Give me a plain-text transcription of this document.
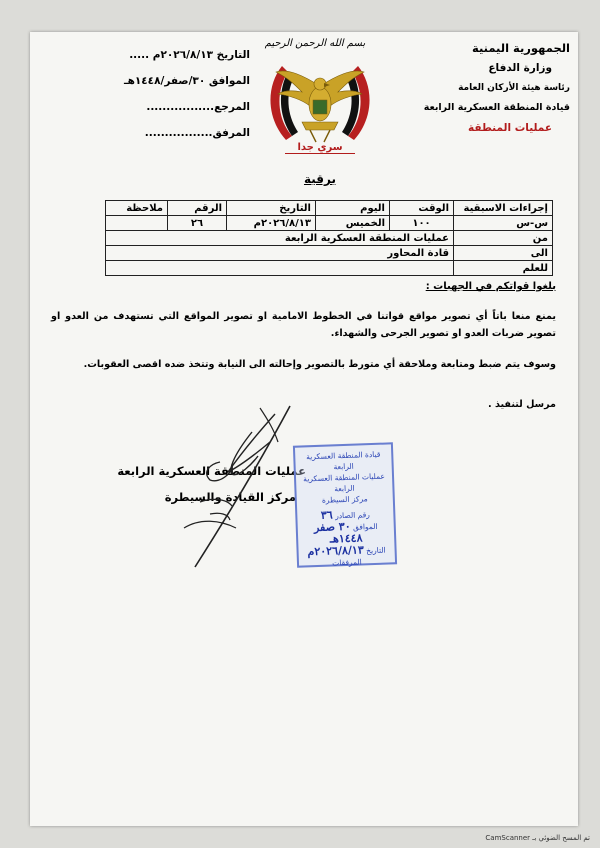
الجمهورية اليمنية
وزارة الدفاع
رئاسة هيئة الأركان العامة
قيادة المنطقة العسكرية الرابعة
عمليات المنطقة
بسم الله الرحمن الرحيم
التاريخ ٢٠٢٦/٨/١٣م .....
الموافق ٣٠/صفر/١٤٤٨هـ
المرجع.................
المرفق.................
سري جدا
برقية
إجراءات الاسبقية	الوقت	اليوم	التاريخ	الرقم	ملاحظة
س-س	١٠٠	الخميس	٢٠٢٦/٨/١٣م	٢٦	
من	عمليات المنطقة العسكرية الرابعة				
الى	قادة المحاور				
للعلم					
بلغوا قواتكم في الجهبات :
يمنع منعا باتاً أي تصوير مواقع قواتنا في الخطوط الامامية او تصوير المواقع التي تستهدف من العدو او تصوير ضربات العدو او تصوير الجرحى والشهداء.
وسوف يتم ضبط ومتابعة وملاحقة أي متورط بالتصوير وإحالته الى النيابة وتتخذ ضده اقصى العقوبات.
مرسل لتنفيذ .
عمليات المنطقة العسكرية الرابعة
مركز القيادة والسيطرة
قيادة المنطقة العسكرية الرابعة
عمليات المنطقة العسكرية الرابعة
مركز السيطرة
رقم الصادر ٣٦
الموافق ٣٠ صفر ١٤٤٨هـ
التاريخ ٢٠٢٦/٨/١٣م
المرفقات
تم المسح الضوئي بـ CamScanner
